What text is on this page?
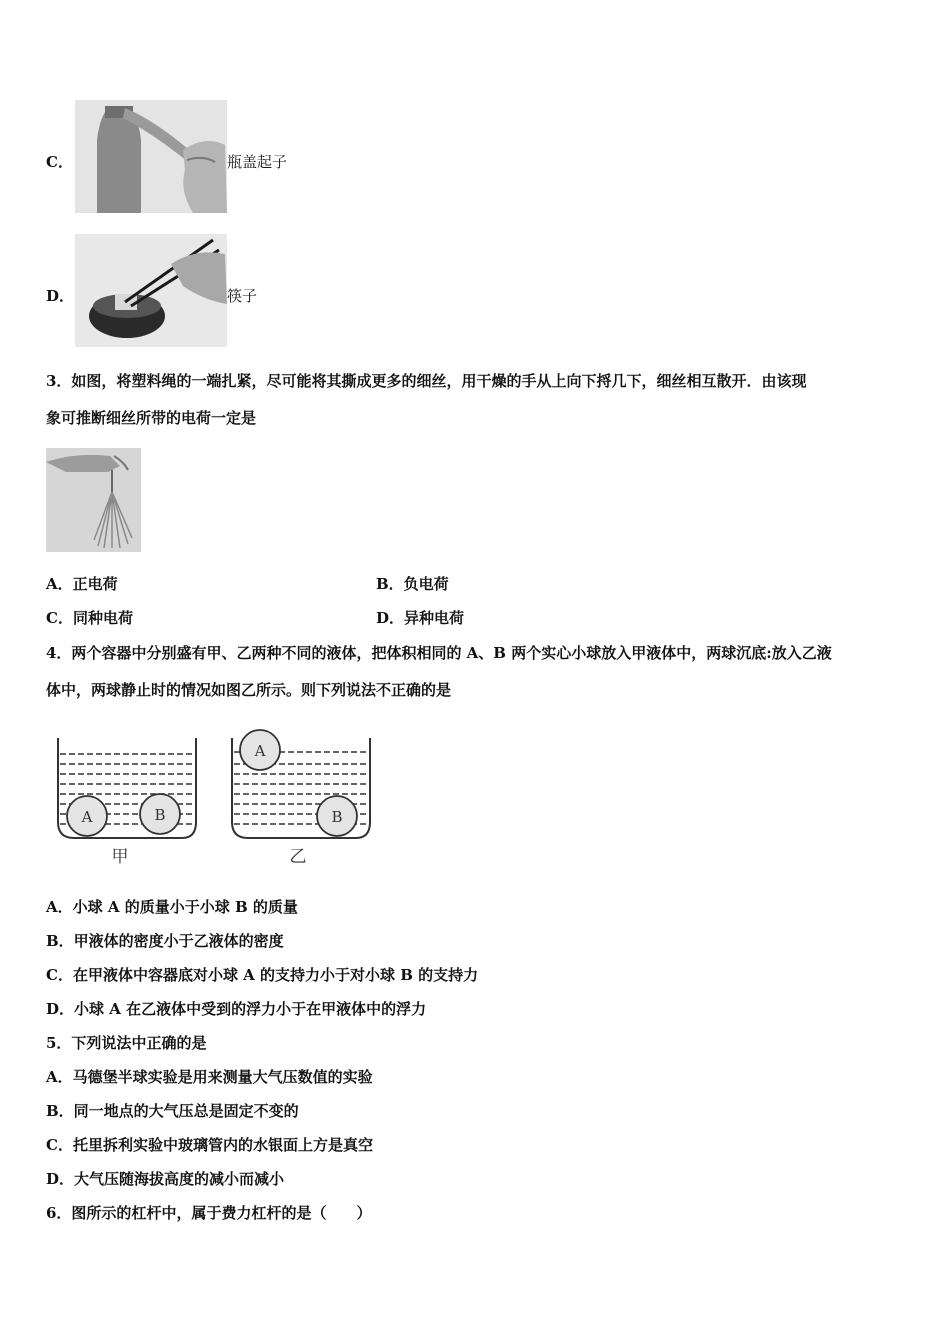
C．	瓶盖起子
D．	筷子
3．如图，将塑料绳的一端扎紧，尽可能将其撕成更多的细丝，用干燥的手从上向下捋几下，细丝相互散开．由该现
象可推断细丝所带的电荷一定是
A．正电荷	B．负电荷
C．同种电荷	D．异种电荷
4．两个容器中分别盛有甲、乙两种不同的液体，把体积相同的 A、B 两个实心小球放入甲液体中，两球沉底:放入乙液
体中，两球静止时的情况如图乙所示。则下列说法不正确的是
A	B
A
B
甲	乙
A．小球 A 的质量小于小球 B 的质量
B．甲液体的密度小于乙液体的密度
C．在甲液体中容器底对小球 A 的支持力小于对小球 B 的支持力
D．小球 A 在乙液体中受到的浮力小于在甲液体中的浮力
5．下列说法中正确的是
A．马德堡半球实验是用来测量大气压数值的实验
B．同一地点的大气压总是固定不变的
C．托里拆利实验中玻璃管内的水银面上方是真空
D．大气压随海拔高度的减小而减小
6．图所示的杠杆中，属于费力杠杆的是（　　）
